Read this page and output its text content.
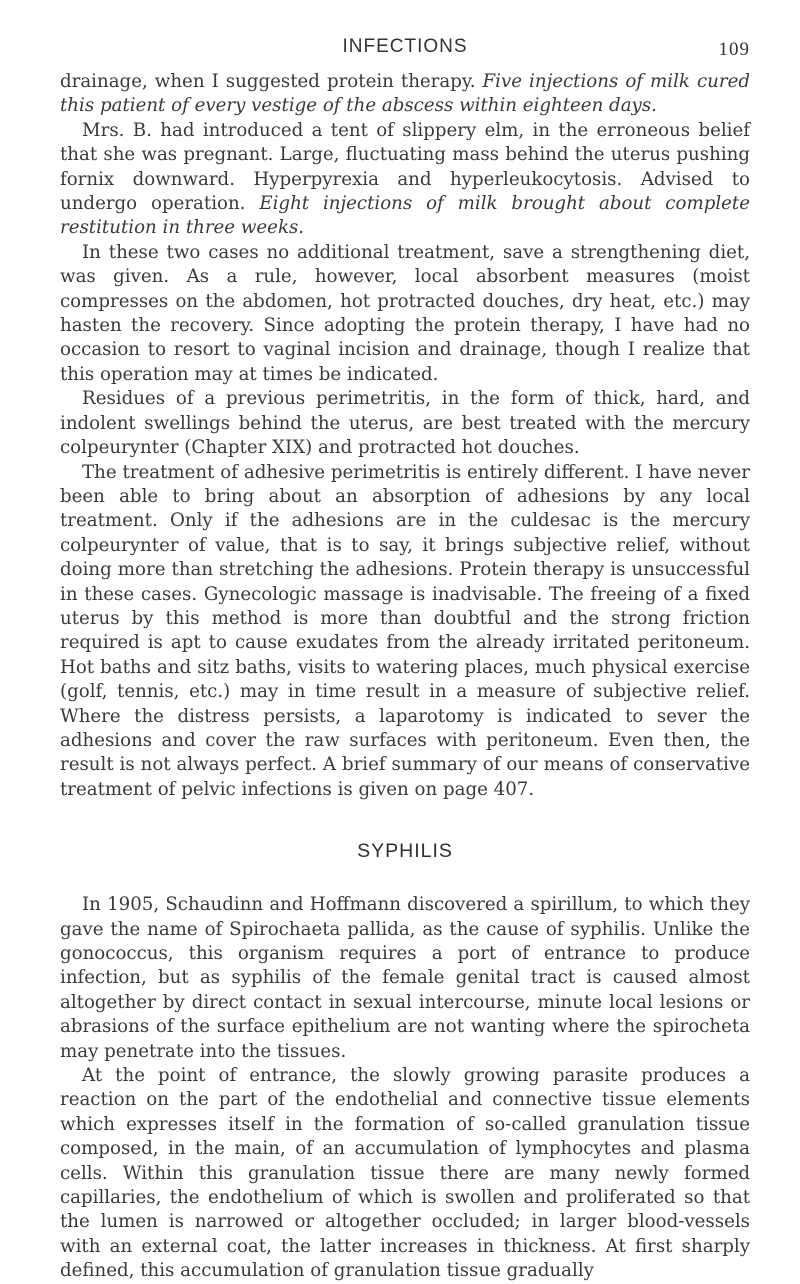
INFECTIONS	109

drainage, when I suggested protein therapy. Five injections of milk cured this patient of every vestige of the abscess within eighteen days.

Mrs. B. had introduced a tent of slippery elm, in the erroneous belief that she was pregnant. Large, fluctuating mass behind the uterus pushing fornix downward. Hyperpyrexia and hyperleukocytosis. Advised to undergo operation. Eight injections of milk brought about complete restitution in three weeks.

In these two cases no additional treatment, save a strengthening diet, was given. As a rule, however, local absorbent measures (moist compresses on the abdomen, hot protracted douches, dry heat, etc.) may hasten the recovery. Since adopting the protein therapy, I have had no occasion to resort to vaginal incision and drainage, though I realize that this operation may at times be indicated.

Residues of a previous perimetritis, in the form of thick, hard, and indolent swellings behind the uterus, are best treated with the mercury colpeurynter (Chapter XIX) and protracted hot douches.

The treatment of adhesive perimetritis is entirely different. I have never been able to bring about an absorption of adhesions by any local treatment. Only if the adhesions are in the culdesac is the mercury colpeurynter of value, that is to say, it brings subjective relief, without doing more than stretching the adhesions. Protein therapy is unsuccessful in these cases. Gynecologic massage is inadvisable. The freeing of a fixed uterus by this method is more than doubtful and the strong friction required is apt to cause exudates from the already irritated peritoneum. Hot baths and sitz baths, visits to watering places, much physical exercise (golf, tennis, etc.) may in time result in a measure of subjective relief. Where the distress persists, a laparotomy is indicated to sever the adhesions and cover the raw surfaces with peritoneum. Even then, the result is not always perfect. A brief summary of our means of conservative treatment of pelvic infections is given on page 407.

SYPHILIS

In 1905, Schaudinn and Hoffmann discovered a spirillum, to which they gave the name of Spirochaeta pallida, as the cause of syphilis. Unlike the gonococcus, this organism requires a port of entrance to produce infection, but as syphilis of the female genital tract is caused almost altogether by direct contact in sexual intercourse, minute local lesions or abrasions of the surface epithelium are not wanting where the spirocheta may penetrate into the tissues.

At the point of entrance, the slowly growing parasite produces a reaction on the part of the endothelial and connective tissue elements which expresses itself in the formation of so-called granulation tissue composed, in the main, of an accumulation of lymphocytes and plasma cells. Within this granulation tissue there are many newly formed capillaries, the endothelium of which is swollen and proliferated so that the lumen is narrowed or altogether occluded; in larger blood-vessels with an external coat, the latter increases in thickness. At first sharply defined, this accumulation of granulation tissue gradually
